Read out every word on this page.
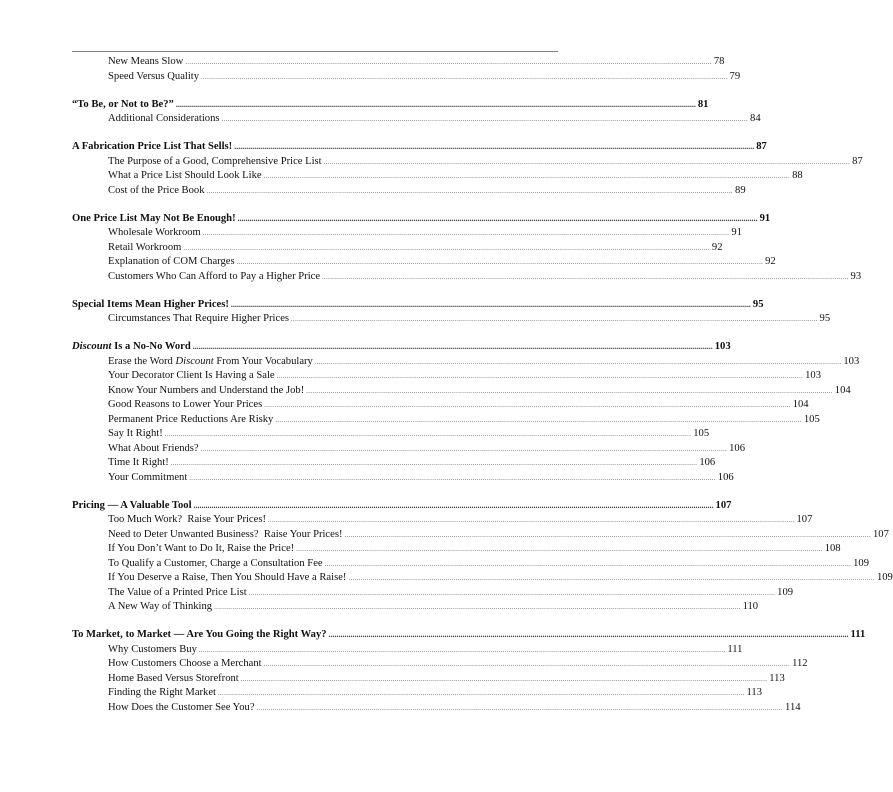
New Means Slow .................................................................................................................................................................................................................................................................... 78
Speed Versus Quality .................................................................................................................................................................................................................................................................... 79
“To Be, or Not to Be?” .................................................................................................................................................................................................................................................................... 81
Additional Considerations .................................................................................................................................................................................................................................................................... 84
A Fabrication Price List That Sells! .................................................................................................................................................................................................................................................................... 87
The Purpose of a Good, Comprehensive Price List .................................................................................................................................................................................................................................................................... 87
What a Price List Should Look Like .................................................................................................................................................................................................................................................................... 88
Cost of the Price Book .................................................................................................................................................................................................................................................................... 89
One Price List May Not Be Enough! .................................................................................................................................................................................................................................................................... 91
Wholesale Workroom .................................................................................................................................................................................................................................................................... 91
Retail Workroom .................................................................................................................................................................................................................................................................... 92
Explanation of COM Charges .................................................................................................................................................................................................................................................................... 92
Customers Who Can Afford to Pay a Higher Price .................................................................................................................................................................................................................................................................... 93
Special Items Mean Higher Prices! .................................................................................................................................................................................................................................................................... 95
Circumstances That Require Higher Prices .................................................................................................................................................................................................................................................................... 95
Discount Is a No-No Word .................................................................................................................................................................................................................................................................... 103
Erase the Word Discount From Your Vocabulary .................................................................................................................................................................................................................................................................... 103
Your Decorator Client Is Having a Sale .................................................................................................................................................................................................................................................................... 103
Know Your Numbers and Understand the Job! .................................................................................................................................................................................................................................................................... 104
Good Reasons to Lower Your Prices .................................................................................................................................................................................................................................................................... 104
Permanent Price Reductions Are Risky .................................................................................................................................................................................................................................................................... 105
Say It Right! .................................................................................................................................................................................................................................................................... 105
What About Friends? .................................................................................................................................................................................................................................................................... 106
Time It Right! .................................................................................................................................................................................................................................................................... 106
Your Commitment .................................................................................................................................................................................................................................................................... 106
Pricing — A Valuable Tool .................................................................................................................................................................................................................................................................... 107
Too Much Work?  Raise Your Prices! .................................................................................................................................................................................................................................................................... 107
Need to Deter Unwanted Business?  Raise Your Prices! .................................................................................................................................................................................................................................................................... 107
If You Don’t Want to Do It, Raise the Price! .................................................................................................................................................................................................................................................................... 108
To Qualify a Customer, Charge a Consultation Fee .................................................................................................................................................................................................................................................................... 109
If You Deserve a Raise, Then You Should Have a Raise! .................................................................................................................................................................................................................................................................... 109
The Value of a Printed Price List .................................................................................................................................................................................................................................................................... 109
A New Way of Thinking .................................................................................................................................................................................................................................................................... 110
To Market, to Market — Are You Going the Right Way? .................................................................................................................................................................................................................................................................... 111
Why Customers Buy .................................................................................................................................................................................................................................................................... 111
How Customers Choose a Merchant .................................................................................................................................................................................................................................................................... 112
Home Based Versus Storefront .................................................................................................................................................................................................................................................................... 113
Finding the Right Market .................................................................................................................................................................................................................................................................... 113
How Does the Customer See You? .................................................................................................................................................................................................................................................................... 114
